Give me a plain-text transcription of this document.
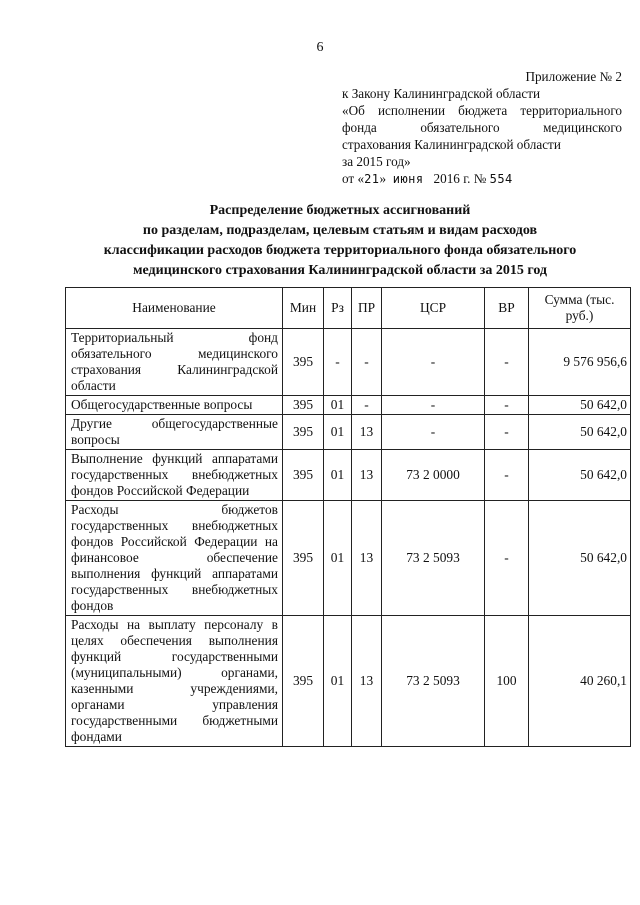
6
Приложение № 2
к Закону Калининградской области
«Об исполнении бюджета территориального
фонда обязательного медицинского
страхования Калининградской области
за 2015 год»
от «21» июня 2016 г. № 554
Распределение бюджетных ассигнований
по разделам, подразделам, целевым статьям и видам расходов
классификации расходов бюджета территориального фонда обязательного
медицинского страхования Калининградской области за 2015 год
Наименование	Мин	Рз	ПР	ЦСР	ВР	Сумма (тыс. руб.)
Территориальный фонд обязательного медицинского страхования Калининградской области	395	-	-	-	-	9 576 956,6
Общегосударственные вопросы	395	01	-	-	-	50 642,0
Другие общегосударственные вопросы	395	01	13	-	-	50 642,0
Выполнение функций аппаратами государственных внебюджетных фондов Российской Федерации	395	01	13	73 2 0000	-	50 642,0
Расходы бюджетов государственных внебюджетных фондов Российской Федерации на финансовое обеспечение выполнения функций аппаратами государственных внебюджетных фондов	395	01	13	73 2 5093	-	50 642,0
Расходы на выплату персоналу в целях обеспечения выполнения функций государственными (муниципальными) органами, казенными учреждениями, органами управления государственными бюджетными фондами	395	01	13	73 2 5093	100	40 260,1
